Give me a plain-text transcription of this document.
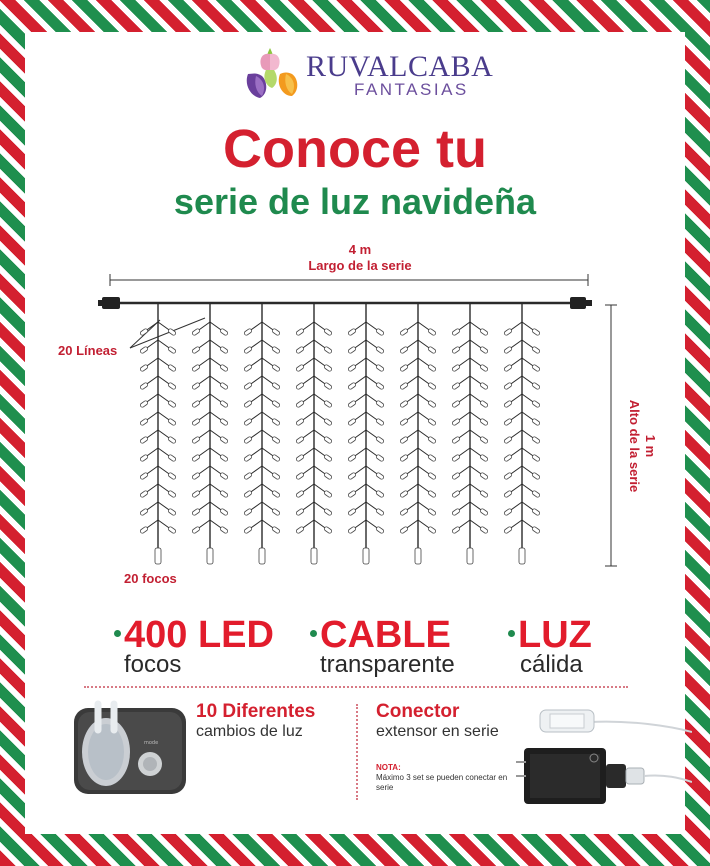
RUVALCABA
FANTASIAS
Conoce tu
serie de luz navideña
4 m
Largo de la serie
20 Líneas
20 focos
1 m
Alto de la serie
400 LED
focos
CABLE
transparente
LUZ
cálida
mode
10 Diferentes
cambios de luz
Conector
extensor en serie
NOTA:
Máximo 3 set se pueden conectar en serie
